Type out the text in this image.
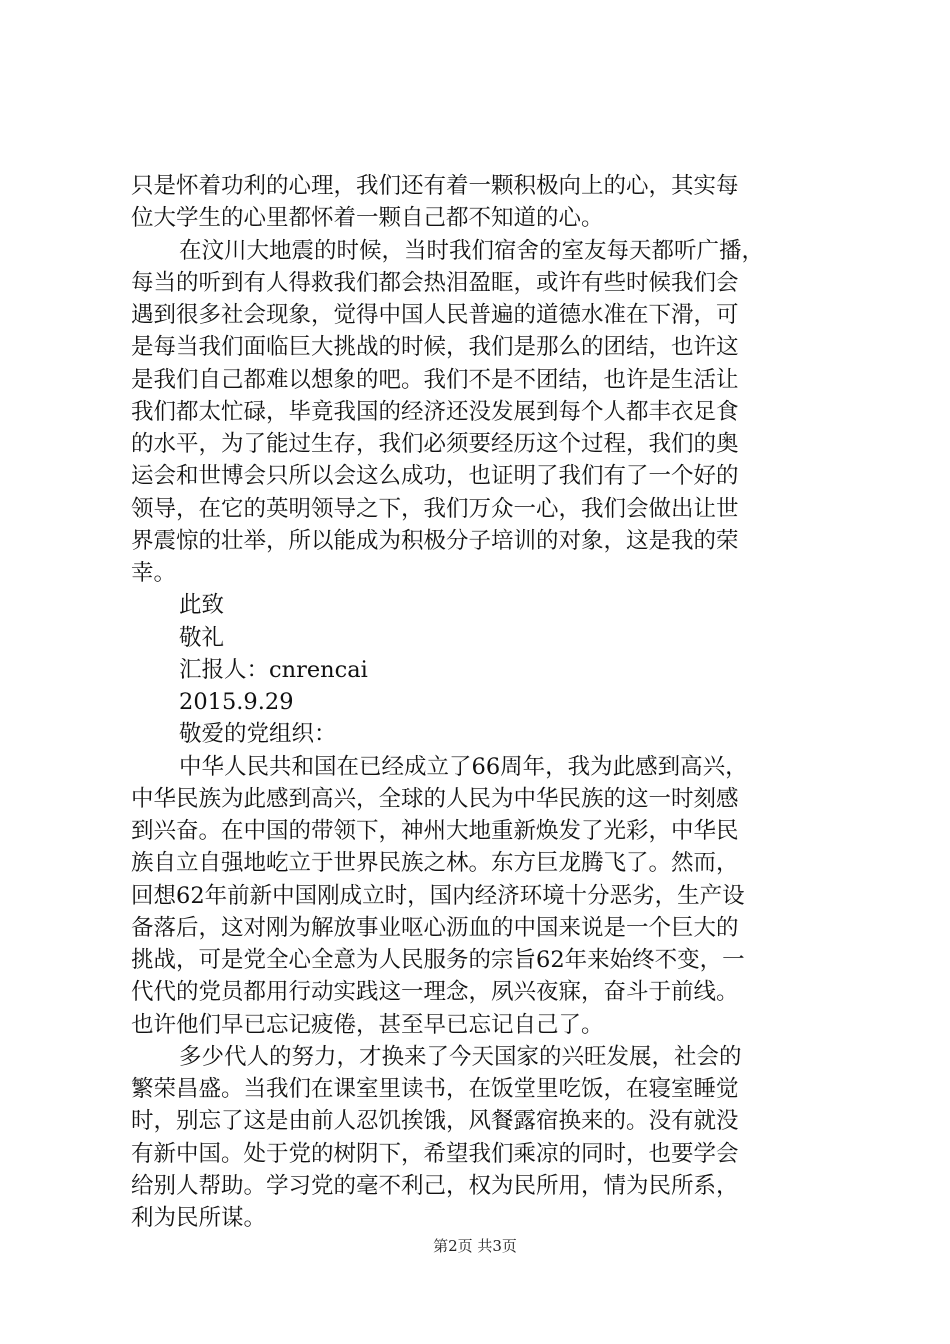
只是怀着功利的心理，我们还有着一颗积极向上的心，其实每

位大学生的心里都怀着一颗自己都不知道的心。

在汶川大地震的时候，当时我们宿舍的室友每天都听广播，

每当的听到有人得救我们都会热泪盈眶，或许有些时候我们会

遇到很多社会现象，觉得中国人民普遍的道德水准在下滑，可

是每当我们面临巨大挑战的时候，我们是那么的团结，也许这

是我们自己都难以想象的吧。我们不是不团结，也许是生活让

我们都太忙碌，毕竟我国的经济还没发展到每个人都丰衣足食

的水平，为了能过生存，我们必须要经历这个过程，我们的奥

运会和世博会只所以会这么成功，也证明了我们有了一个好的

领导，在它的英明领导之下，我们万众一心，我们会做出让世

界震惊的壮举，所以能成为积极分子培训的对象，这是我的荣

幸。

此致

敬礼

汇报人：cnrencai

2015.9.29

敬爱的党组织：

中华人民共和国在已经成立了66周年，我为此感到高兴，

中华民族为此感到高兴，全球的人民为中华民族的这一时刻感

到兴奋。在中国的带领下，神州大地重新焕发了光彩，中华民

族自立自强地屹立于世界民族之林。东方巨龙腾飞了。然而，

回想62年前新中国刚成立时，国内经济环境十分恶劣，生产设

备落后，这对刚为解放事业呕心沥血的中国来说是一个巨大的

挑战，可是党全心全意为人民服务的宗旨62年来始终不变，一

代代的党员都用行动实践这一理念，夙兴夜寐，奋斗于前线。

也许他们早已忘记疲倦，甚至早已忘记自己了。

多少代人的努力，才换来了今天国家的兴旺发展，社会的

繁荣昌盛。当我们在课室里读书，在饭堂里吃饭，在寝室睡觉

时，别忘了这是由前人忍饥挨饿，风餐露宿换来的。没有就没

有新中国。处于党的树阴下，希望我们乘凉的同时，也要学会

给别人帮助。学习党的毫不利己，权为民所用，情为民所系，

利为民所谋。

第2页 共3页
